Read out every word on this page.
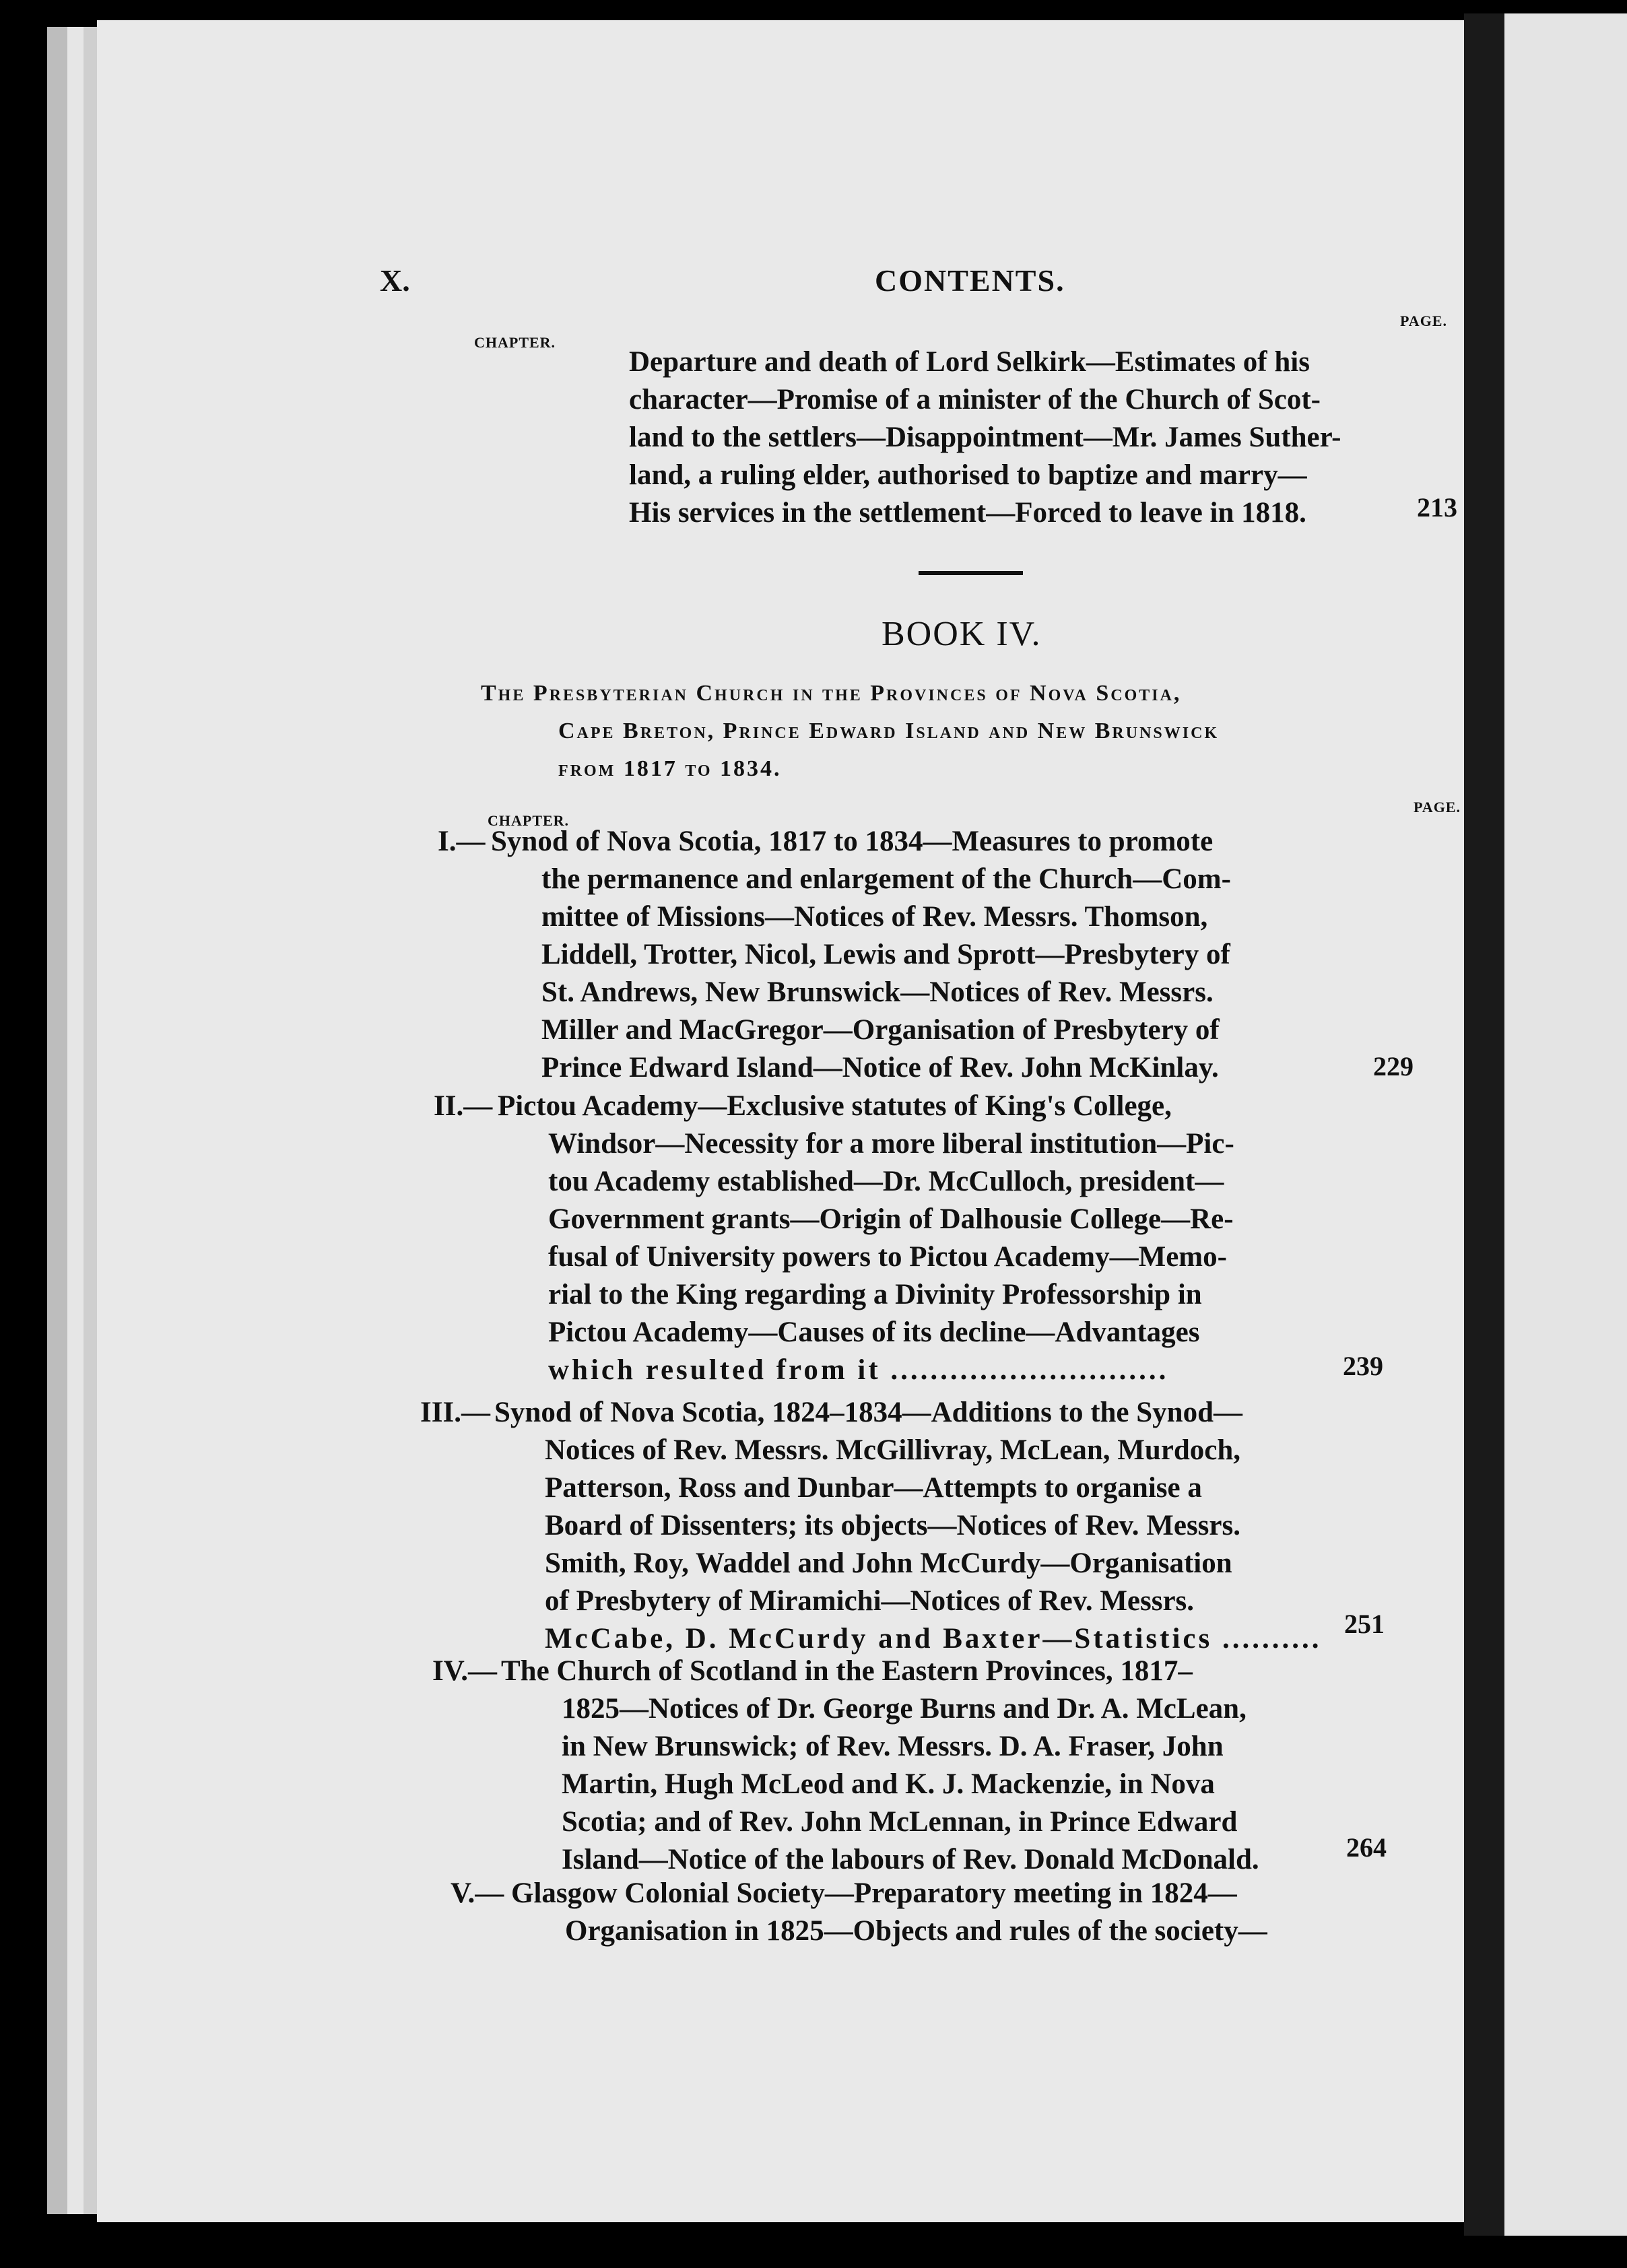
X.	CONTENTS.
CHAPTER.
PAGE.
Departure and death of Lord Selkirk—Estimates of his
character—Promise of a minister of the Church of Scot-
land to the settlers—Disappointment—Mr. James Suther-
land, a ruling elder, authorised to baptize and marry—
His services in the settlement—Forced to leave in 1818.	213
BOOK IV.
The Presbyterian Church in the Provinces of Nova Scotia,
Cape Breton, Prince Edward Island and New Brunswick
from 1817 to 1834.
CHAPTER.
PAGE.
I.— Synod of Nova Scotia, 1817 to 1834—Measures to promote
the permanence and enlargement of the Church—Com-
mittee of Missions—Notices of Rev. Messrs. Thomson,
Liddell, Trotter, Nicol, Lewis and Sprott—Presbytery of
St. Andrews, New Brunswick—Notices of Rev. Messrs.
Miller and MacGregor—Organisation of Presbytery of
Prince Edward Island—Notice of Rev. John McKinlay.	229
II.— Pictou Academy—Exclusive statutes of King's College,
Windsor—Necessity for a more liberal institution—Pic-
tou Academy established—Dr. McCulloch, president—
Government grants—Origin of Dalhousie College—Re-
fusal of University powers to Pictou Academy—Memo-
rial to the King regarding a Divinity Professorship in
Pictou Academy—Causes of its decline—Advantages
which resulted from it ............................	239
III.— Synod of Nova Scotia, 1824–1834—Additions to the Synod—
Notices of Rev. Messrs. McGillivray, McLean, Murdoch,
Patterson, Ross and Dunbar—Attempts to organise a
Board of Dissenters; its objects—Notices of Rev. Messrs.
Smith, Roy, Waddel and John McCurdy—Organisation
of Presbytery of Miramichi—Notices of Rev. Messrs.
McCabe, D. McCurdy and Baxter—Statistics .......... 251
IV.— The Church of Scotland in the Eastern Provinces, 1817–
1825—Notices of Dr. George Burns and Dr. A. McLean,
in New Brunswick; of Rev. Messrs. D. A. Fraser, John
Martin, Hugh McLeod and K. J. Mackenzie, in Nova
Scotia; and of Rev. John McLennan, in Prince Edward
Island—Notice of the labours of Rev. Donald McDonald.	264
V.— Glasgow Colonial Society—Preparatory meeting in 1824—
Organisation in 1825—Objects and rules of the society—
